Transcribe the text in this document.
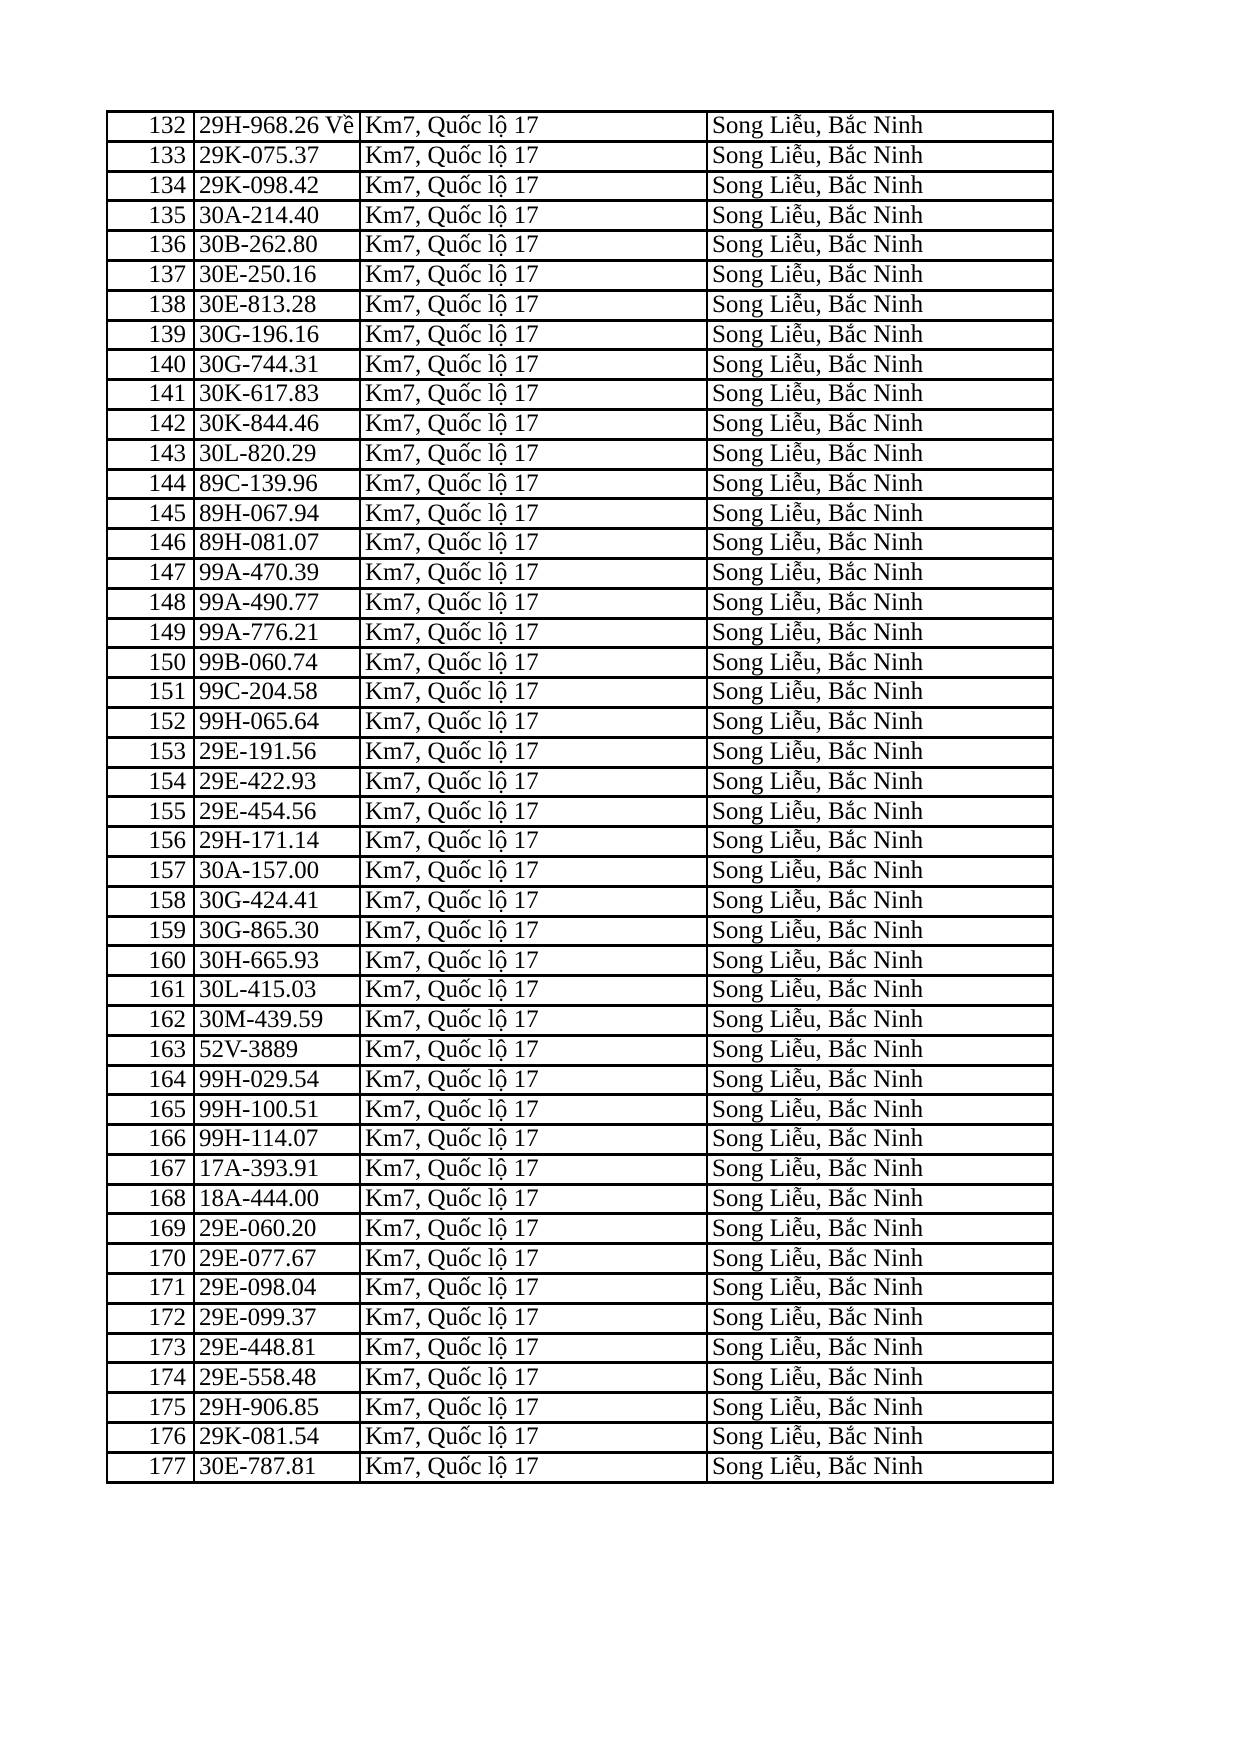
132	29H-968.26 Về	Km7, Quốc lộ 17	Song Liễu, Bắc Ninh
133	29K-075.37	Km7, Quốc lộ 17	Song Liễu, Bắc Ninh
134	29K-098.42	Km7, Quốc lộ 17	Song Liễu, Bắc Ninh
135	30A-214.40	Km7, Quốc lộ 17	Song Liễu, Bắc Ninh
136	30B-262.80	Km7, Quốc lộ 17	Song Liễu, Bắc Ninh
137	30E-250.16	Km7, Quốc lộ 17	Song Liễu, Bắc Ninh
138	30E-813.28	Km7, Quốc lộ 17	Song Liễu, Bắc Ninh
139	30G-196.16	Km7, Quốc lộ 17	Song Liễu, Bắc Ninh
140	30G-744.31	Km7, Quốc lộ 17	Song Liễu, Bắc Ninh
141	30K-617.83	Km7, Quốc lộ 17	Song Liễu, Bắc Ninh
142	30K-844.46	Km7, Quốc lộ 17	Song Liễu, Bắc Ninh
143	30L-820.29	Km7, Quốc lộ 17	Song Liễu, Bắc Ninh
144	89C-139.96	Km7, Quốc lộ 17	Song Liễu, Bắc Ninh
145	89H-067.94	Km7, Quốc lộ 17	Song Liễu, Bắc Ninh
146	89H-081.07	Km7, Quốc lộ 17	Song Liễu, Bắc Ninh
147	99A-470.39	Km7, Quốc lộ 17	Song Liễu, Bắc Ninh
148	99A-490.77	Km7, Quốc lộ 17	Song Liễu, Bắc Ninh
149	99A-776.21	Km7, Quốc lộ 17	Song Liễu, Bắc Ninh
150	99B-060.74	Km7, Quốc lộ 17	Song Liễu, Bắc Ninh
151	99C-204.58	Km7, Quốc lộ 17	Song Liễu, Bắc Ninh
152	99H-065.64	Km7, Quốc lộ 17	Song Liễu, Bắc Ninh
153	29E-191.56	Km7, Quốc lộ 17	Song Liễu, Bắc Ninh
154	29E-422.93	Km7, Quốc lộ 17	Song Liễu, Bắc Ninh
155	29E-454.56	Km7, Quốc lộ 17	Song Liễu, Bắc Ninh
156	29H-171.14	Km7, Quốc lộ 17	Song Liễu, Bắc Ninh
157	30A-157.00	Km7, Quốc lộ 17	Song Liễu, Bắc Ninh
158	30G-424.41	Km7, Quốc lộ 17	Song Liễu, Bắc Ninh
159	30G-865.30	Km7, Quốc lộ 17	Song Liễu, Bắc Ninh
160	30H-665.93	Km7, Quốc lộ 17	Song Liễu, Bắc Ninh
161	30L-415.03	Km7, Quốc lộ 17	Song Liễu, Bắc Ninh
162	30M-439.59	Km7, Quốc lộ 17	Song Liễu, Bắc Ninh
163	52V-3889	Km7, Quốc lộ 17	Song Liễu, Bắc Ninh
164	99H-029.54	Km7, Quốc lộ 17	Song Liễu, Bắc Ninh
165	99H-100.51	Km7, Quốc lộ 17	Song Liễu, Bắc Ninh
166	99H-114.07	Km7, Quốc lộ 17	Song Liễu, Bắc Ninh
167	17A-393.91	Km7, Quốc lộ 17	Song Liễu, Bắc Ninh
168	18A-444.00	Km7, Quốc lộ 17	Song Liễu, Bắc Ninh
169	29E-060.20	Km7, Quốc lộ 17	Song Liễu, Bắc Ninh
170	29E-077.67	Km7, Quốc lộ 17	Song Liễu, Bắc Ninh
171	29E-098.04	Km7, Quốc lộ 17	Song Liễu, Bắc Ninh
172	29E-099.37	Km7, Quốc lộ 17	Song Liễu, Bắc Ninh
173	29E-448.81	Km7, Quốc lộ 17	Song Liễu, Bắc Ninh
174	29E-558.48	Km7, Quốc lộ 17	Song Liễu, Bắc Ninh
175	29H-906.85	Km7, Quốc lộ 17	Song Liễu, Bắc Ninh
176	29K-081.54	Km7, Quốc lộ 17	Song Liễu, Bắc Ninh
177	30E-787.81	Km7, Quốc lộ 17	Song Liễu, Bắc Ninh
